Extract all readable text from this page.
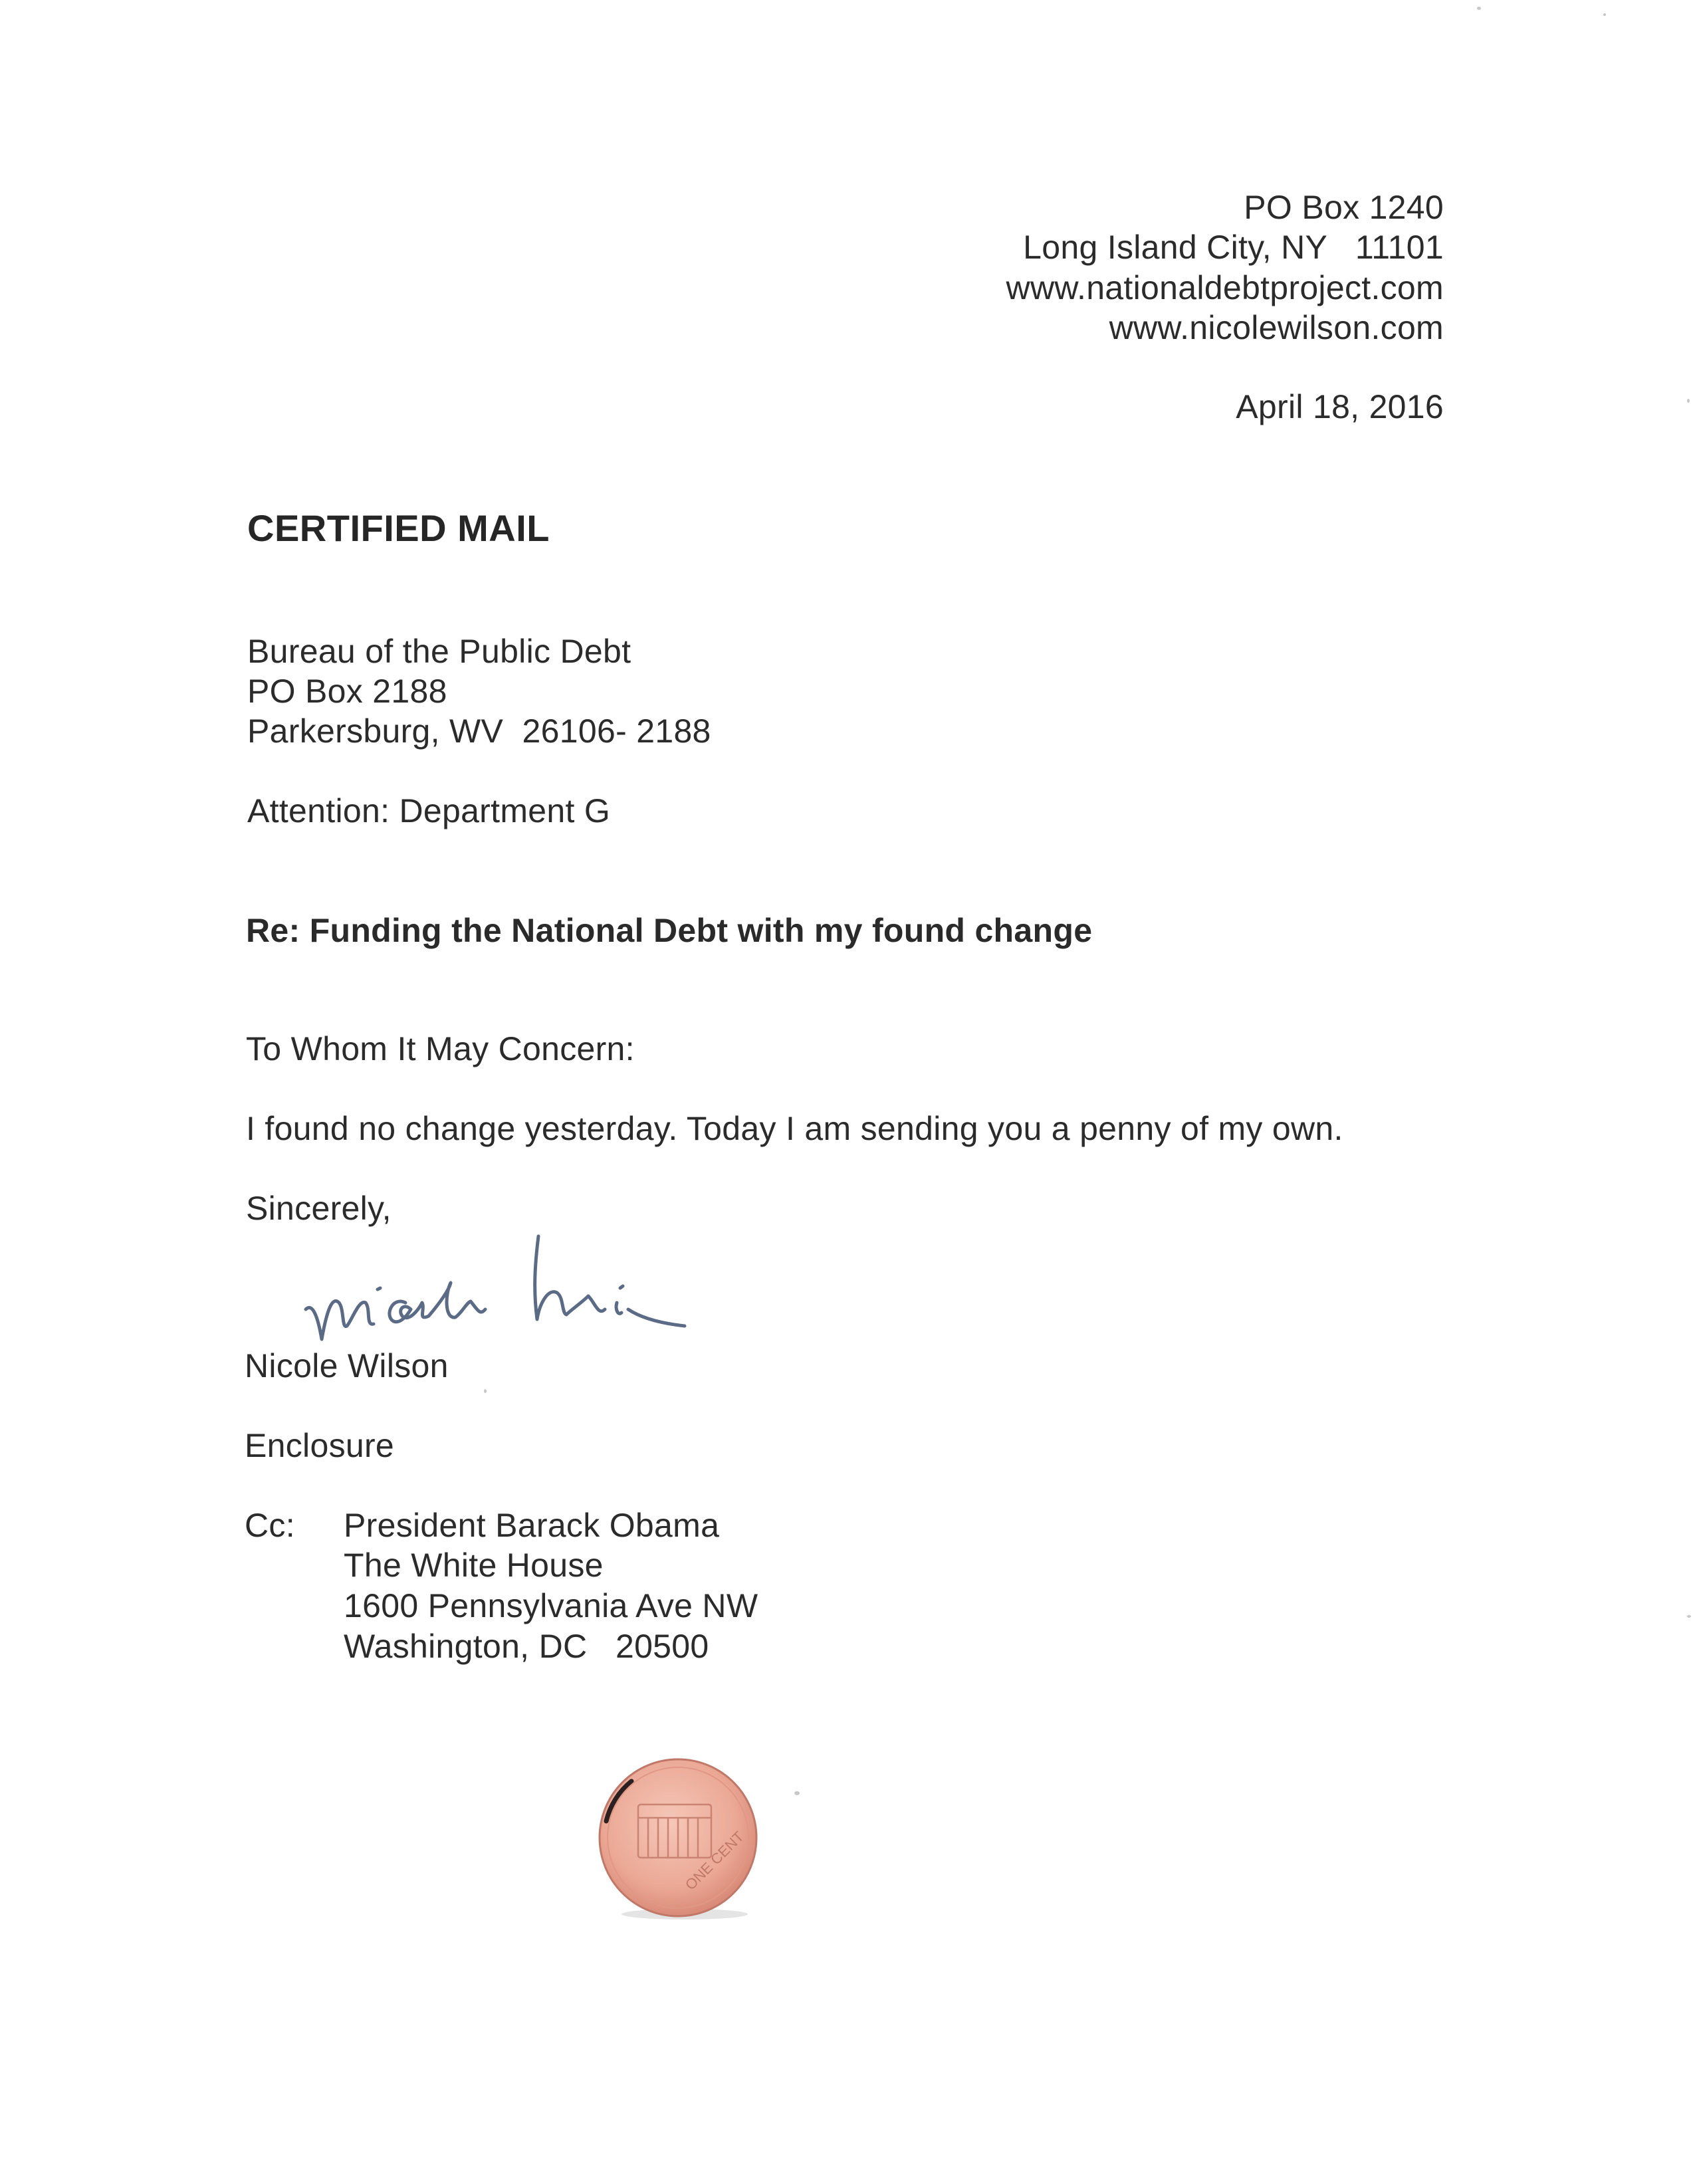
PO Box 1240
Long Island City, NY   11101
www.nationaldebtproject.com
www.nicolewilson.com
April 18, 2016
CERTIFIED MAIL
Bureau of the Public Debt
PO Box 2188
Parkersburg, WV  26106- 2188
Attention: Department G
Re: Funding the National Debt with my found change
To Whom It May Concern:
I found no change yesterday. Today I am sending you a penny of my own.
Sincerely,
Nicole Wilson
Enclosure
Cc: President Barack Obama
The White House
1600 Pennsylvania Ave NW
Washington, DC   20500
ONE CENT
